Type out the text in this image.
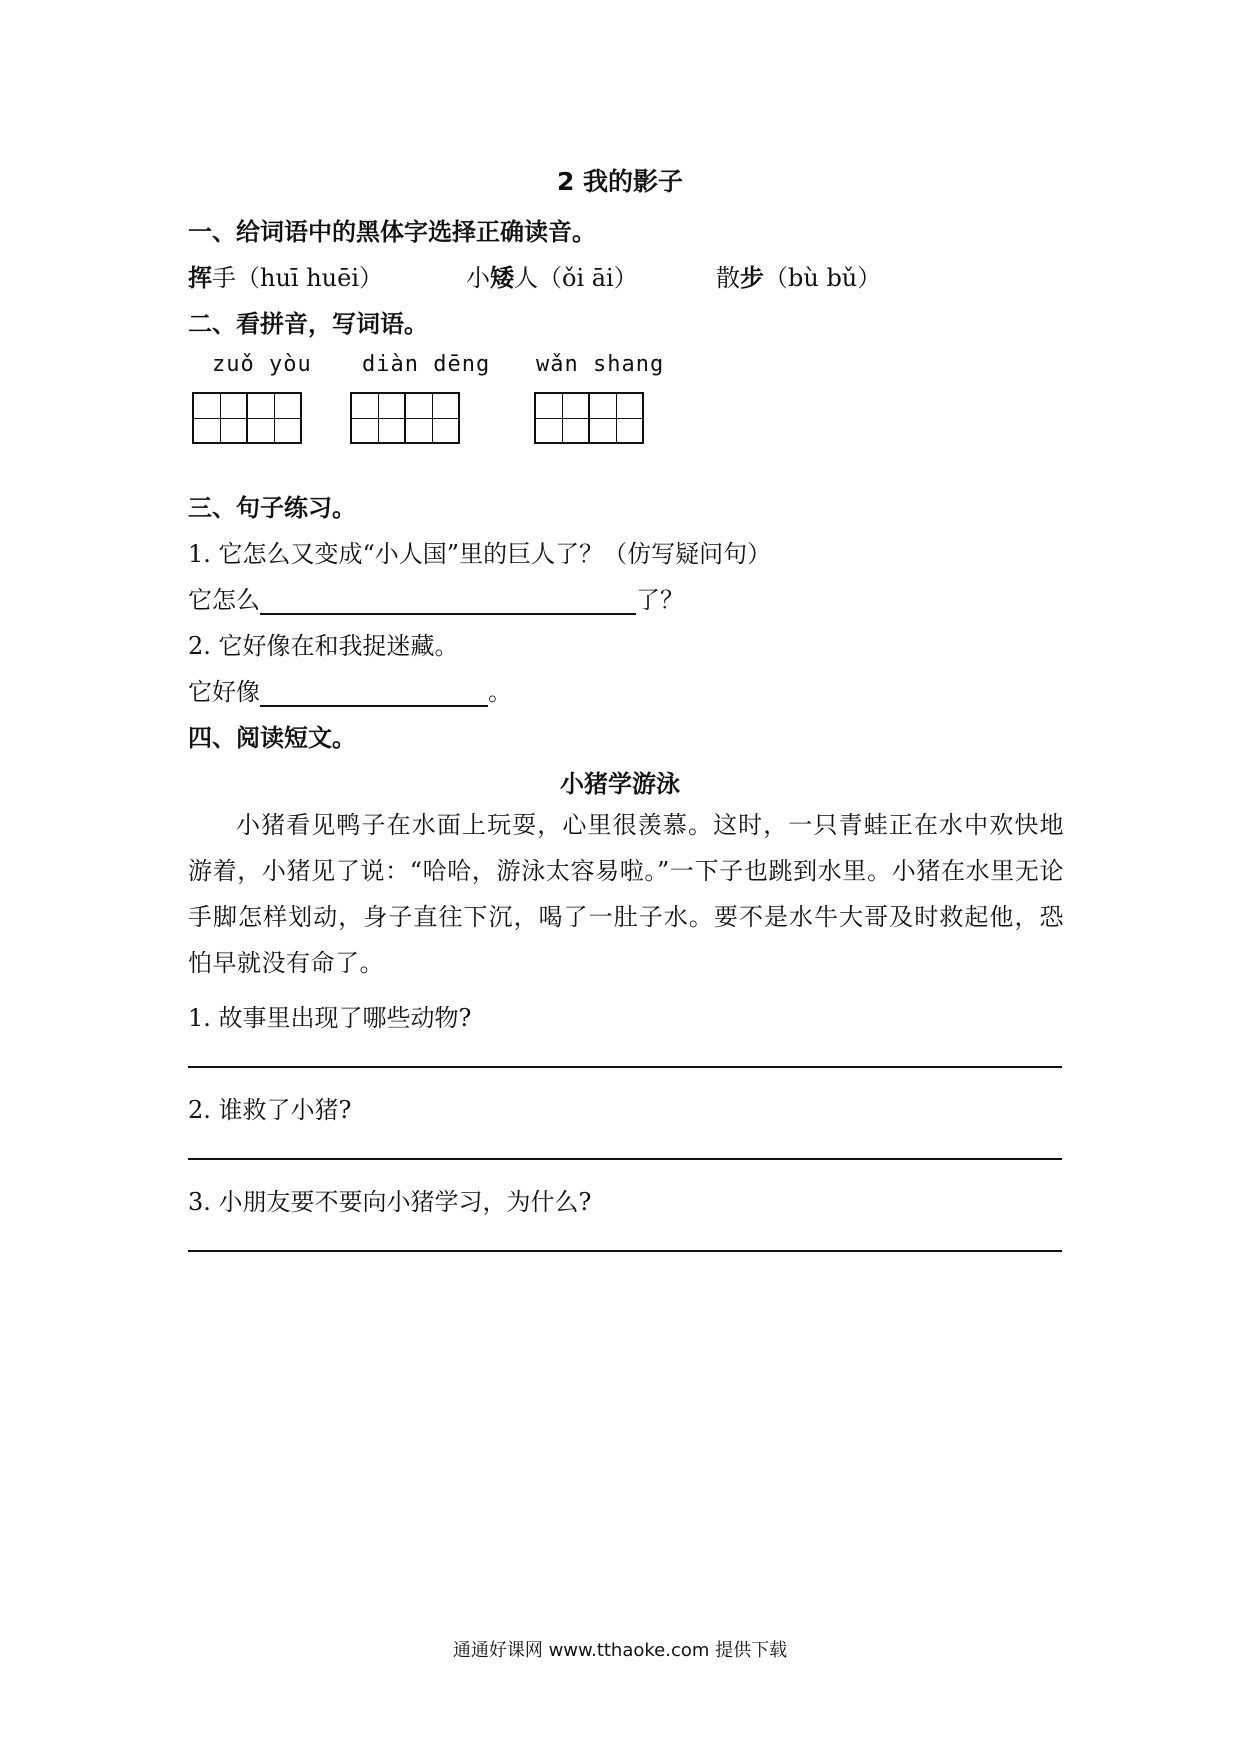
2 我的影子
一、给词语中的黑体字选择正确读音。
挥手（huī huēi）	小矮人（ǒi āi）	散步（bù bǔ）
二、看拼音，写词语。
zuǒ yòu diàn dēng wǎn shang
三、句子练习。
1. 它怎么又变成“小人国”里的巨人了？（仿写疑问句）
它怎么	了？
2. 它好像在和我捉迷藏。
它好像	。
四、阅读短文。
小猪学游泳
小猪看见鸭子在水面上玩耍，心里很羡慕。这时，一只青蛙正在水中欢快地游着，小猪见了说：“哈哈，游泳太容易啦。”一下子也跳到水里。小猪在水里无论手脚怎样划动，身子直往下沉，喝了一肚子水。要不是水牛大哥及时救起他，恐怕早就没有命了。
1. 故事里出现了哪些动物?
2. 谁救了小猪?
3. 小朋友要不要向小猪学习，为什么?
通通好课网 www.tthaoke.com 提供下载
